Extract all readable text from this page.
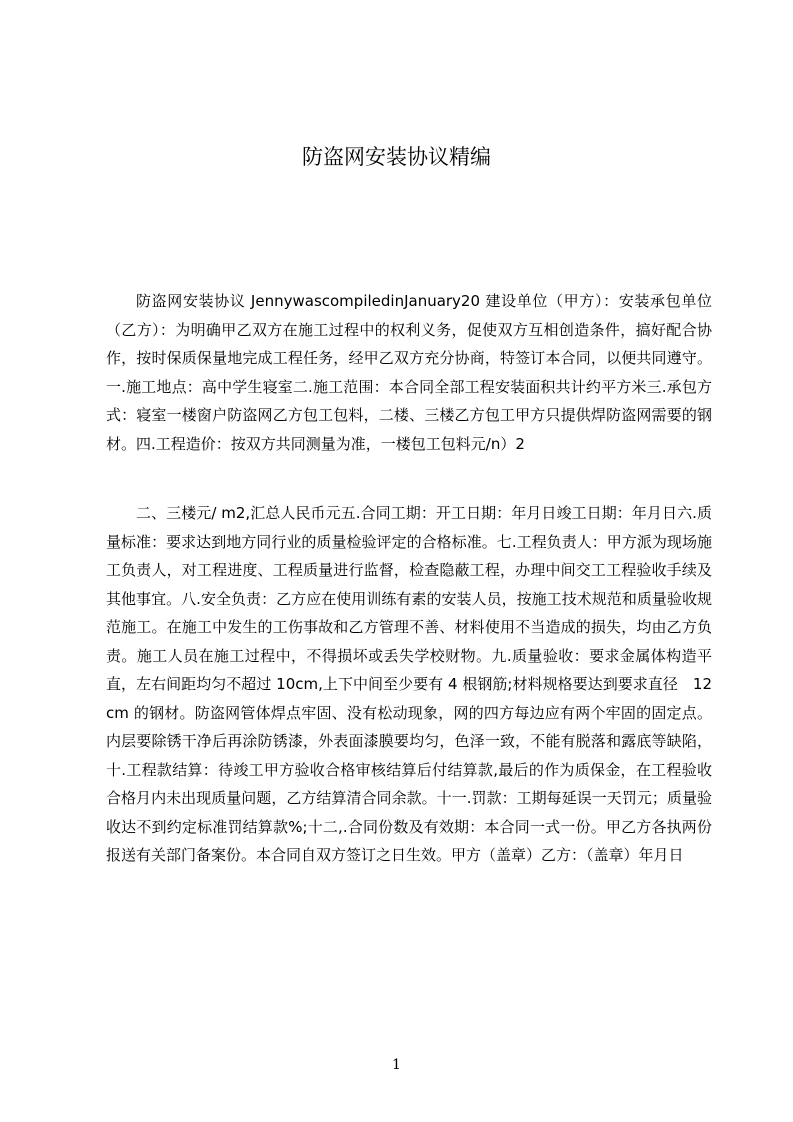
防盗网安装协议精编

防盗网安装协议 JennywascompiledinJanuary20 建设单位（甲方）：安装承包单位（乙方）：为明确甲乙双方在施工过程中的权利义务，促使双方互相创造条件，搞好配合协作，按时保质保量地完成工程任务，经甲乙双方充分协商，特签订本合同，以便共同遵守。一.施工地点：高中学生寝室二.施工范围：本合同全部工程安装面积共计约平方米三.承包方式：寝室一楼窗户防盗网乙方包工包料，二楼、三楼乙方包工甲方只提供焊防盗网需要的钢材。四.工程造价：按双方共同测量为准，一楼包工包料元/n）2

二、三楼元/ m2,汇总人民币元五.合同工期：开工日期：年月日竣工日期：年月日六.质量标准：要求达到地方同行业的质量检验评定的合格标准。七.工程负责人：甲方派为现场施工负责人，对工程进度、工程质量进行监督，检查隐蔽工程，办理中间交工工程验收手续及其他事宜。八.安全负责：乙方应在使用训练有素的安装人员，按施工技术规范和质量验收规范施工。在施工中发生的工伤事故和乙方管理不善、材料使用不当造成的损失，均由乙方负责。施工人员在施工过程中，不得损坏或丢失学校财物。九.质量验收：要求金属体构造平直，左右间距均匀不超过 10cm,上下中间至少要有 4 根钢筋;材料规格要达到要求直径　12cm 的钢材。防盗网管体焊点牢固、没有松动现象，网的四方每边应有两个牢固的固定点。内层要除锈干净后再涂防锈漆，外表面漆膜要均匀，色泽一致，不能有脱落和露底等缺陷，十.工程款结算：待竣工甲方验收合格审核结算后付结算款,最后的作为质保金，在工程验收合格月内未出现质量问题，乙方结算清合同余款。十一.罚款：工期每延误一天罚元；质量验收达不到约定标准罚结算款%;十二,.合同份数及有效期：本合同一式一份。甲乙方各执两份报送有关部门备案份。本合同自双方签订之日生效。甲方（盖章）乙方：（盖章）年月日

1
